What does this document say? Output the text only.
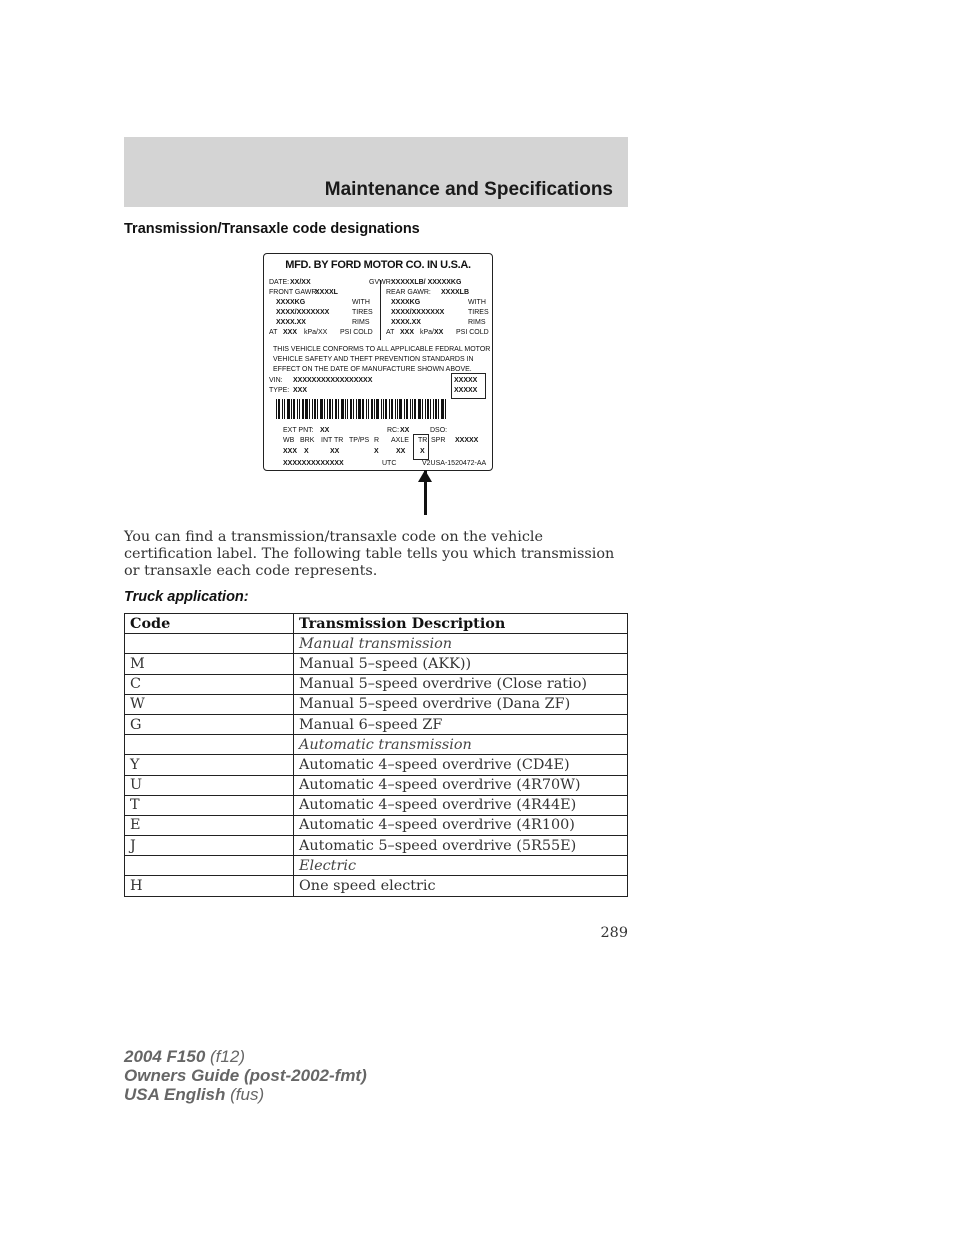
Maintenance and Specifications
Transmission/Transaxle code designations
MFD. BY FORD MOTOR CO. IN U.S.A.
DATE: XX/XX	GVWR:
XXXXXLB/ XXXXXKG
FRONT GAWR:
XXXXL	REAR GAWR: XXXXLB
XXXXKG	WITH	XXXXKG	WITH
XXXX/XXXXXXX	TIRES	XXXX/XXXXXXX	TIRES
XXXX.XX	RIMS	XXXX.XX	RIMS
AT XXX kPa/XX PSI COLD AT XXX kPa/ XX PSI COLD
THIS VEHICLE CONFORMS TO ALL APPLICABLE FEDRAL MOTOR
VEHICLE SAFETY AND THEFT PREVENTION STANDARDS IN
EFFECT ON THE DATE OF MANUFACTURE SHOWN ABOVE.
VIN: XXXXXXXXXXXXXXXXX
TYPE: XXX
XXXXX
XXXXX
EXT PNT: XX	RC: XX	DSO:
WB BRK INT TR TP/PS R AXLE TR SPR XXXXX
XXX X	XX	X XX X
XXXXXXXXXXXXX	UTC	V2USA-1520472-AA
You can find a transmission/transaxle code on the vehicle certification label. The following table tells you which transmission or transaxle each code represents.
Truck application:
Code	Transmission Description
	Manual transmission
M	Manual 5–speed (AKK))
C	Manual 5–speed overdrive (Close ratio)
W	Manual 5–speed overdrive (Dana ZF)
G	Manual 6–speed ZF
	Automatic transmission
Y	Automatic 4–speed overdrive (CD4E)
U	Automatic 4–speed overdrive (4R70W)
T	Automatic 4–speed overdrive (4R44E)
E	Automatic 4–speed overdrive (4R100)
J	Automatic 5–speed overdrive (5R55E)
	Electric
H	One speed electric
289
2004 F150 (f12)
Owners Guide (post-2002-fmt)
USA English (fus)
